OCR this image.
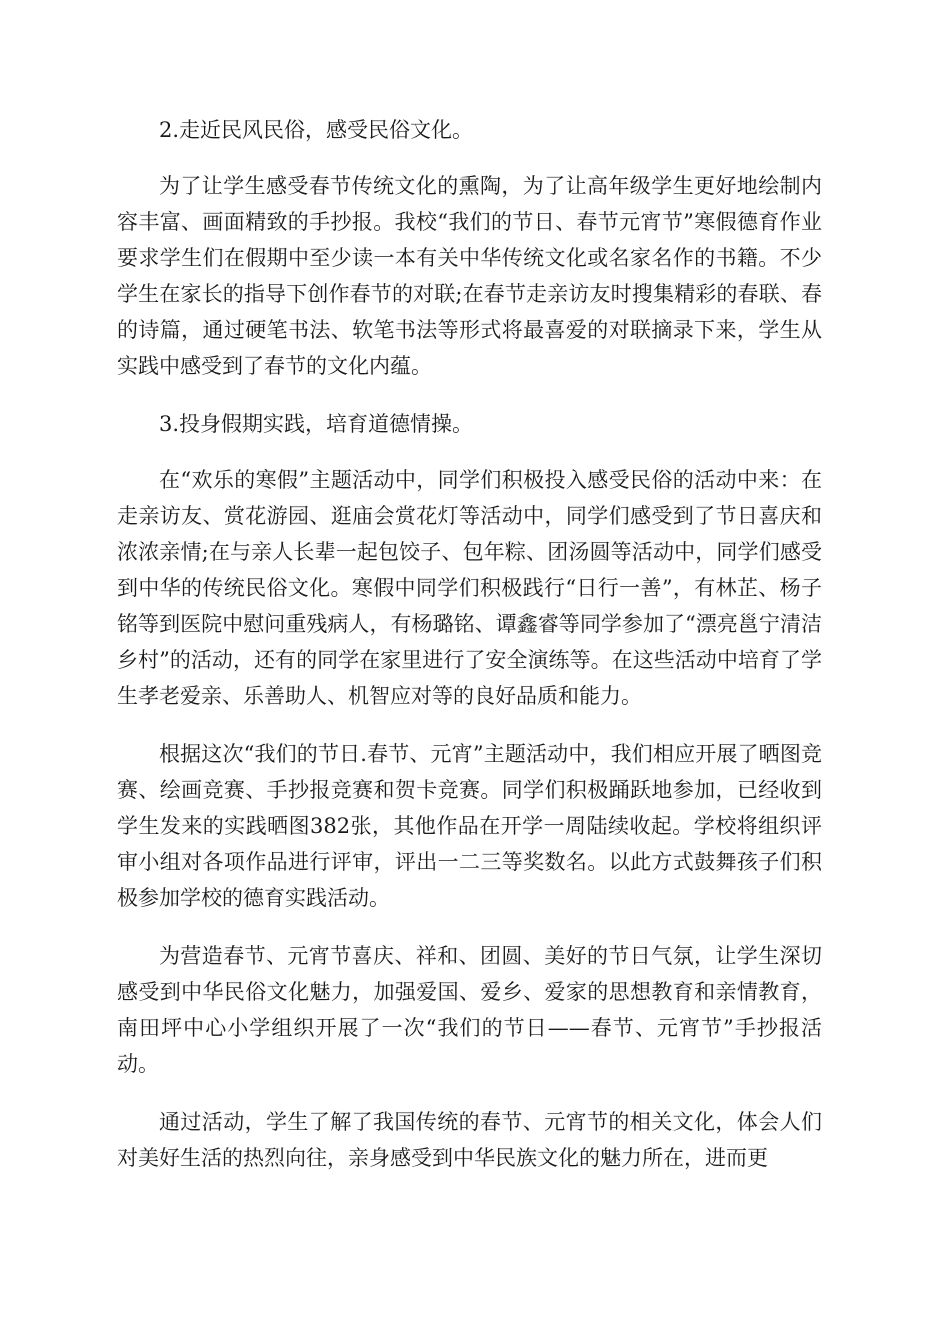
2.走近民风民俗，感受民俗文化。

为了让学生感受春节传统文化的熏陶，为了让高年级学生更好地绘制内容丰富、画面精致的手抄报。我校“我们的节日、春节元宵节”寒假德育作业要求学生们在假期中至少读一本有关中华传统文化或名家名作的书籍。不少学生在家长的指导下创作春节的对联;在春节走亲访友时搜集精彩的春联、春的诗篇，通过硬笔书法、软笔书法等形式将最喜爱的对联摘录下来，学生从实践中感受到了春节的文化内蕴。

3.投身假期实践，培育道德情操。

在“欢乐的寒假”主题活动中，同学们积极投入感受民俗的活动中来：在走亲访友、赏花游园、逛庙会赏花灯等活动中，同学们感受到了节日喜庆和浓浓亲情;在与亲人长辈一起包饺子、包年粽、团汤圆等活动中，同学们感受到中华的传统民俗文化。寒假中同学们积极践行“日行一善”，有林芷、杨子铭等到医院中慰问重残病人，有杨璐铭、谭鑫睿等同学参加了“漂亮邕宁清洁乡村”的活动，还有的同学在家里进行了安全演练等。在这些活动中培育了学生孝老爱亲、乐善助人、机智应对等的良好品质和能力。

根据这次“我们的节日.春节、元宵”主题活动中，我们相应开展了晒图竞赛、绘画竞赛、手抄报竞赛和贺卡竞赛。同学们积极踊跃地参加，已经收到学生发来的实践晒图382张，其他作品在开学一周陆续收起。学校将组织评审小组对各项作品进行评审，评出一二三等奖数名。以此方式鼓舞孩子们积极参加学校的德育实践活动。

为营造春节、元宵节喜庆、祥和、团圆、美好的节日气氛，让学生深切感受到中华民俗文化魅力，加强爱国、爱乡、爱家的思想教育和亲情教育，南田坪中心小学组织开展了一次“我们的节日——春节、元宵节”手抄报活动。

通过活动，学生了解了我国传统的春节、元宵节的相关文化，体会人们对美好生活的热烈向往，亲身感受到中华民族文化的魅力所在，进而更
